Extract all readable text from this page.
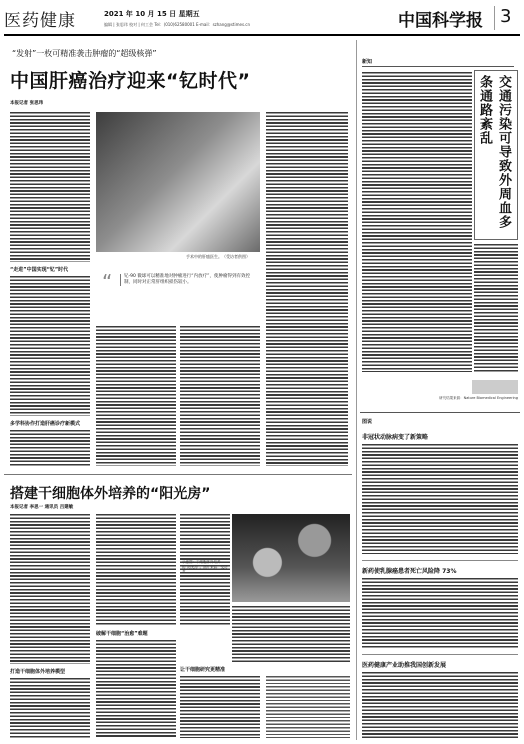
医药健康	2021 年 10 月 15 日 星期五
编辑 | 张思玮 校对 | 何工会 Tel：(010)62580001 E-mail：szhang@stimes.cn	中国科学报 3
“发射”一枚可精准袭击肿瘤的“超级核弹”
中国肝癌治疗迎来“钇时代”
本报记者 张思玮
“走进”中国实现“钇”时代
多学科协作打造肝癌诊疗新模式
手术中的肝癌医生。（受访者供图）
“	钇-90 微球可以精准地对肿瘤进行“内放疗”，使肿瘤得到有效控制，同时对正常肝组织损伤较小。
搭建干细胞体外培养的“阳光房”
本报记者 李思一 通讯员 吕建敏
打造干细胞体外培养模型
破解干细胞“治愈”难题
示意图：干细胞体外培养的“阳光房”。图片来源：受访者
让干细胞研究更精准
新知
交通污染可导致外周血多条通路紊乱
研究结果来源：Nature Biomedical Engineering
图说
非冠状动脉病变了新策略
新药使乳腺癌患者死亡风险降 73%
医药健康产业助推我国创新发展
